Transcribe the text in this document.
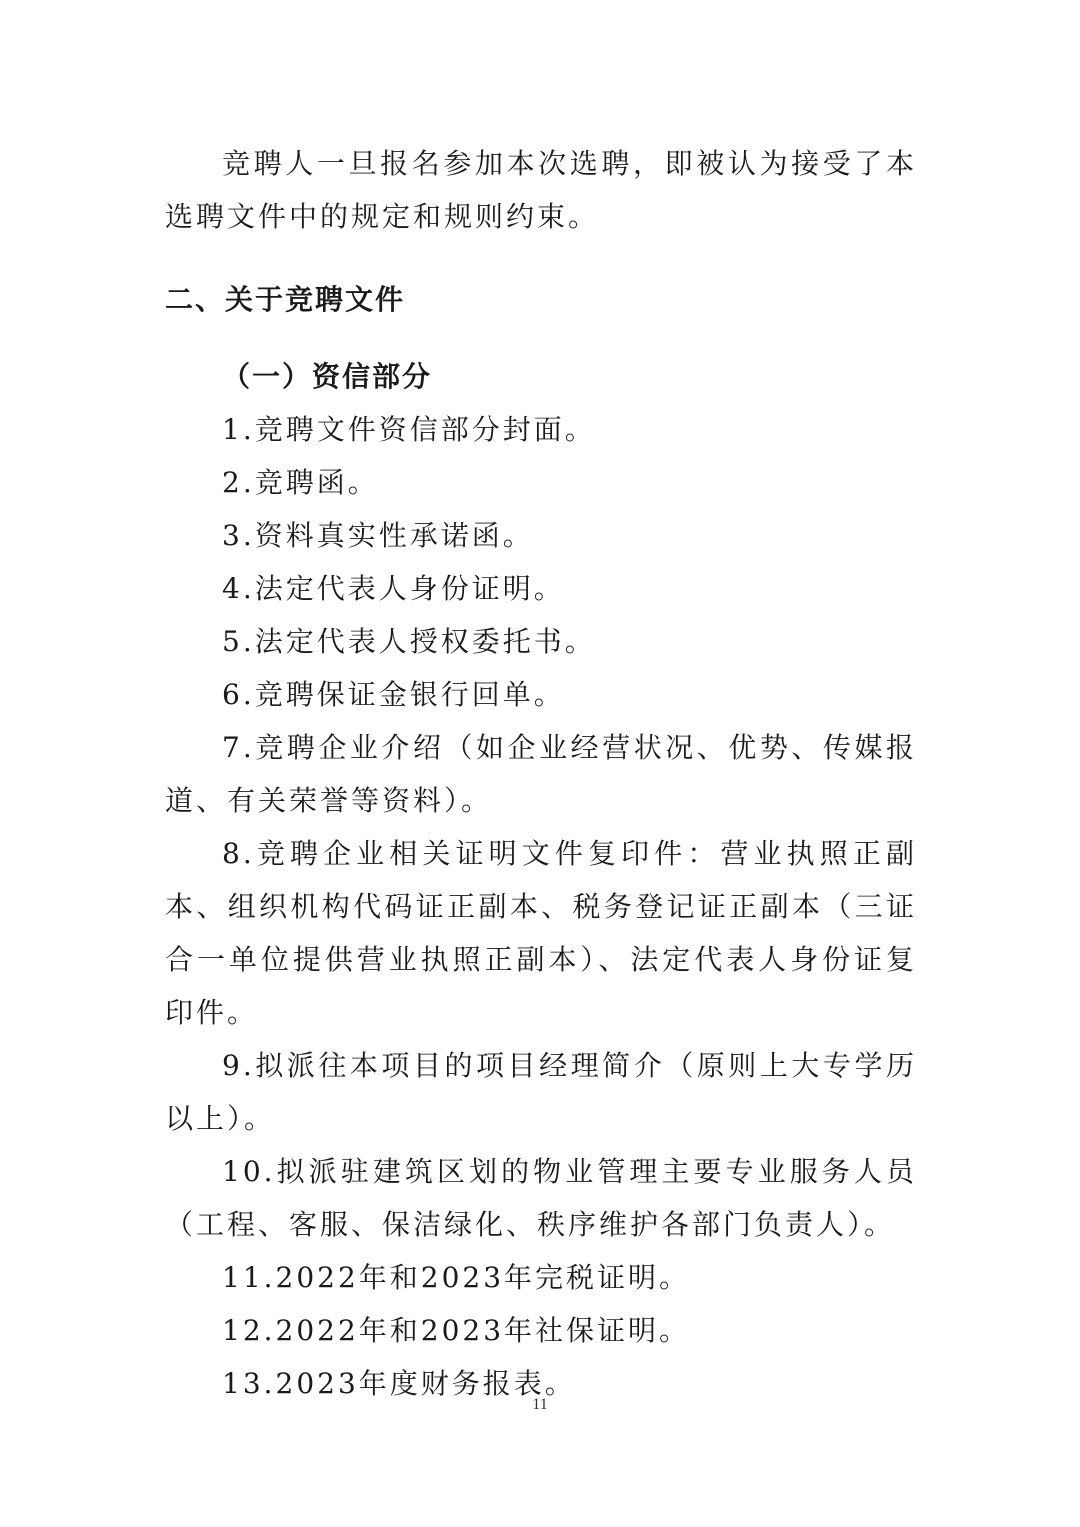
竞聘人一旦报名参加本次选聘，即被认为接受了本选聘文件中的规定和规则约束。

二、关于竞聘文件
（一）资信部分

1.竞聘文件资信部分封面。

2.竞聘函。

3.资料真实性承诺函。

4.法定代表人身份证明。

5.法定代表人授权委托书。

6.竞聘保证金银行回单。

7.竞聘企业介绍（如企业经营状况、优势、传媒报道、有关荣誉等资料）。

8.竞聘企业相关证明文件复印件：营业执照正副本、组织机构代码证正副本、税务登记证正副本（三证合一单位提供营业执照正副本）、法定代表人身份证复印件。

9.拟派往本项目的项目经理简介（原则上大专学历以上）。

10.拟派驻建筑区划的物业管理主要专业服务人员（工程、客服、保洁绿化、秩序维护各部门负责人）。

11.2022年和2023年完税证明。

12.2022年和2023年社保证明。

13.2023年度财务报表。

11
